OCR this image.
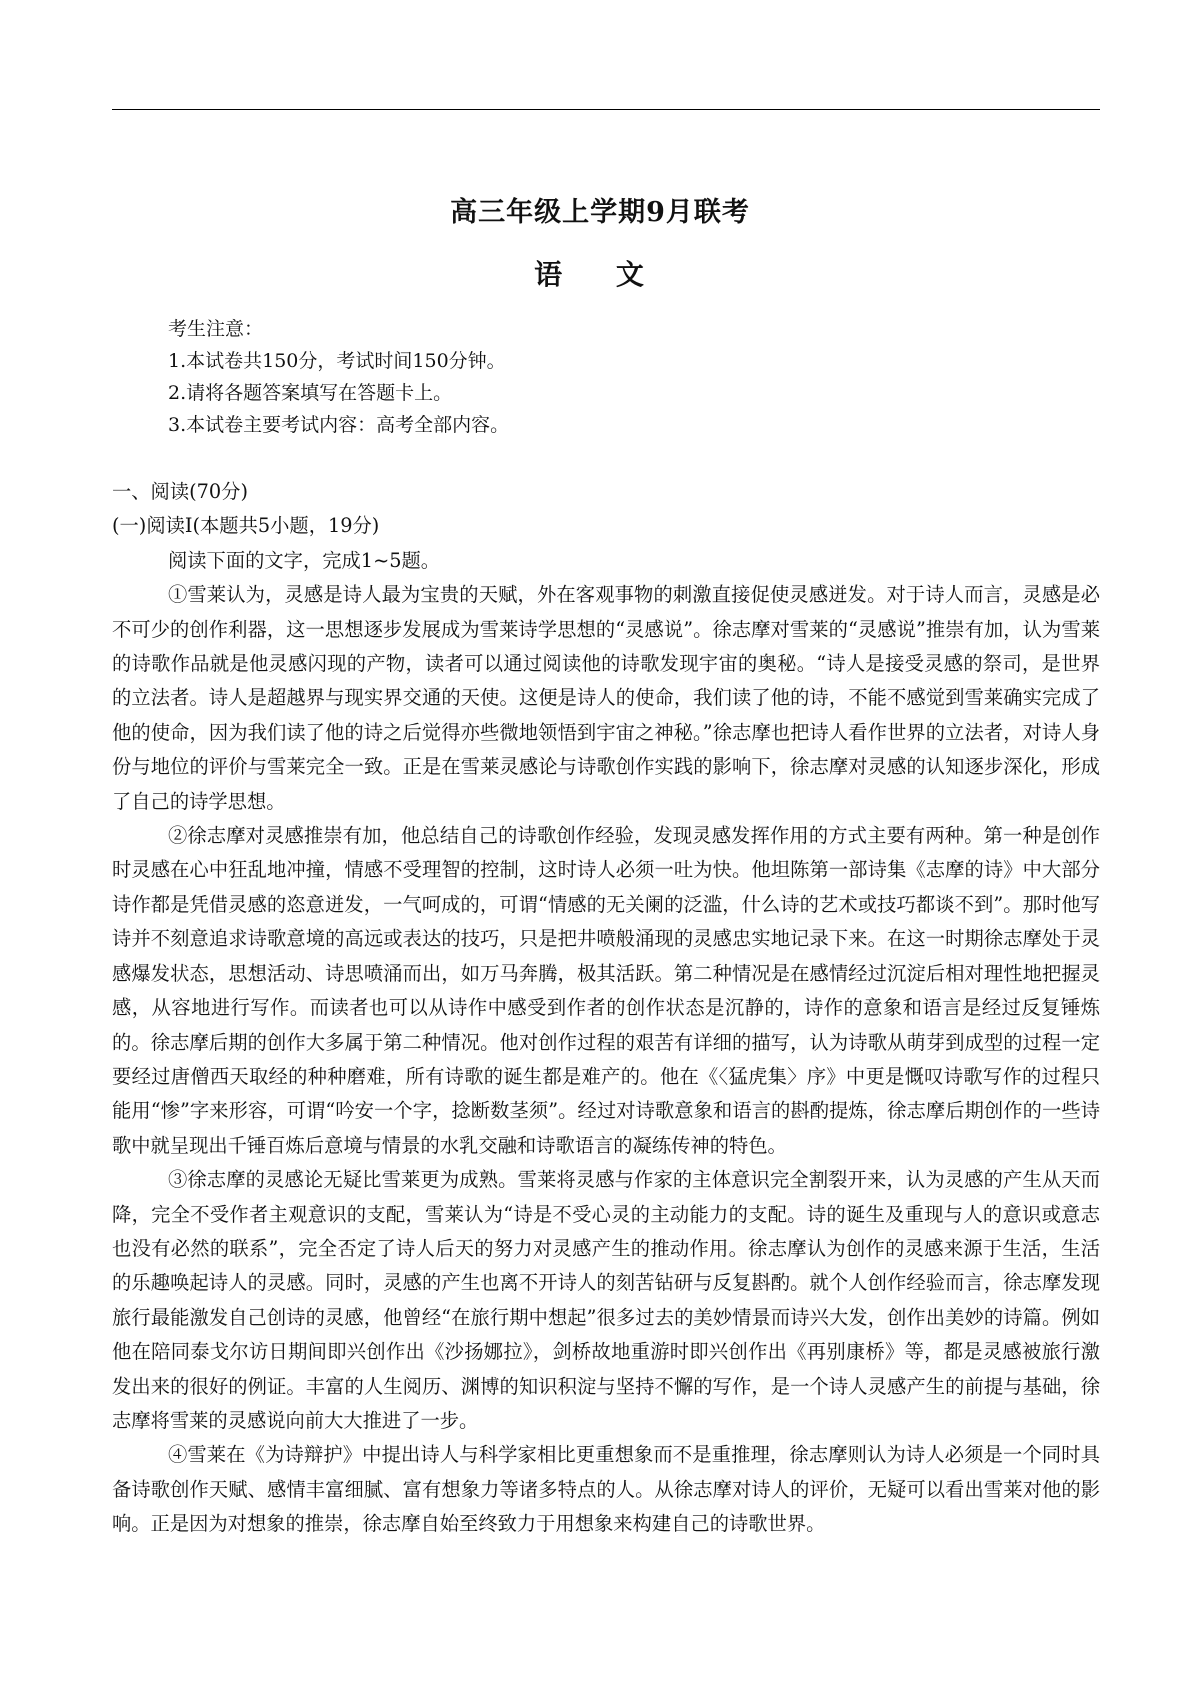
高三年级上学期9月联考
语 文
考生注意：
1.本试卷共150分，考试时间150分钟。
2.请将各题答案填写在答题卡上。
3.本试卷主要考试内容：高考全部内容。
一、阅读(70分)
(一)阅读Ⅰ(本题共5小题，19分)
阅读下面的文字，完成1~5题。

①雪莱认为，灵感是诗人最为宝贵的天赋，外在客观事物的刺激直接促使灵感迸发。对于诗人而言，灵感是必不可少的创作利器，这一思想逐步发展成为雪莱诗学思想的“灵感说”。徐志摩对雪莱的“灵感说”推崇有加，认为雪莱的诗歌作品就是他灵感闪现的产物，读者可以通过阅读他的诗歌发现宇宙的奥秘。“诗人是接受灵感的祭司，是世界的立法者。诗人是超越界与现实界交通的天使。这便是诗人的使命，我们读了他的诗，不能不感觉到雪莱确实完成了他的使命，因为我们读了他的诗之后觉得亦些微地领悟到宇宙之神秘。”徐志摩也把诗人看作世界的立法者，对诗人身份与地位的评价与雪莱完全一致。正是在雪莱灵感论与诗歌创作实践的影响下，徐志摩对灵感的认知逐步深化，形成了自己的诗学思想。

②徐志摩对灵感推崇有加，他总结自己的诗歌创作经验，发现灵感发挥作用的方式主要有两种。第一种是创作时灵感在心中狂乱地冲撞，情感不受理智的控制，这时诗人必须一吐为快。他坦陈第一部诗集《志摩的诗》中大部分诗作都是凭借灵感的恣意迸发，一气呵成的，可谓“情感的无关阑的泛滥，什么诗的艺术或技巧都谈不到”。那时他写诗并不刻意追求诗歌意境的高远或表达的技巧，只是把井喷般涌现的灵感忠实地记录下来。在这一时期徐志摩处于灵感爆发状态，思想活动、诗思喷涌而出，如万马奔腾，极其活跃。第二种情况是在感情经过沉淀后相对理性地把握灵感，从容地进行写作。而读者也可以从诗作中感受到作者的创作状态是沉静的，诗作的意象和语言是经过反复锤炼的。徐志摩后期的创作大多属于第二种情况。他对创作过程的艰苦有详细的描写，认为诗歌从萌芽到成型的过程一定要经过唐僧西天取经的种种磨难，所有诗歌的诞生都是难产的。他在《〈猛虎集〉序》中更是慨叹诗歌写作的过程只能用“惨”字来形容，可谓“吟安一个字，捻断数茎须”。经过对诗歌意象和语言的斟酌提炼，徐志摩后期创作的一些诗歌中就呈现出千锤百炼后意境与情景的水乳交融和诗歌语言的凝练传神的特色。

③徐志摩的灵感论无疑比雪莱更为成熟。雪莱将灵感与作家的主体意识完全割裂开来，认为灵感的产生从天而降，完全不受作者主观意识的支配，雪莱认为“诗是不受心灵的主动能力的支配。诗的诞生及重现与人的意识或意志也没有必然的联系”，完全否定了诗人后天的努力对灵感产生的推动作用。徐志摩认为创作的灵感来源于生活，生活的乐趣唤起诗人的灵感。同时，灵感的产生也离不开诗人的刻苦钻研与反复斟酌。就个人创作经验而言，徐志摩发现旅行最能激发自己创诗的灵感，他曾经“在旅行期中想起”很多过去的美妙情景而诗兴大发，创作出美妙的诗篇。例如他在陪同泰戈尔访日期间即兴创作出《沙扬娜拉》，剑桥故地重游时即兴创作出《再别康桥》等，都是灵感被旅行激发出来的很好的例证。丰富的人生阅历、渊博的知识积淀与坚持不懈的写作，是一个诗人灵感产生的前提与基础，徐志摩将雪莱的灵感说向前大大推进了一步。

④雪莱在《为诗辩护》中提出诗人与科学家相比更重想象而不是重推理，徐志摩则认为诗人必须是一个同时具备诗歌创作天赋、感情丰富细腻、富有想象力等诸多特点的人。从徐志摩对诗人的评价，无疑可以看出雪莱对他的影响。正是因为对想象的推崇，徐志摩自始至终致力于用想象来构建自己的诗歌世界。
